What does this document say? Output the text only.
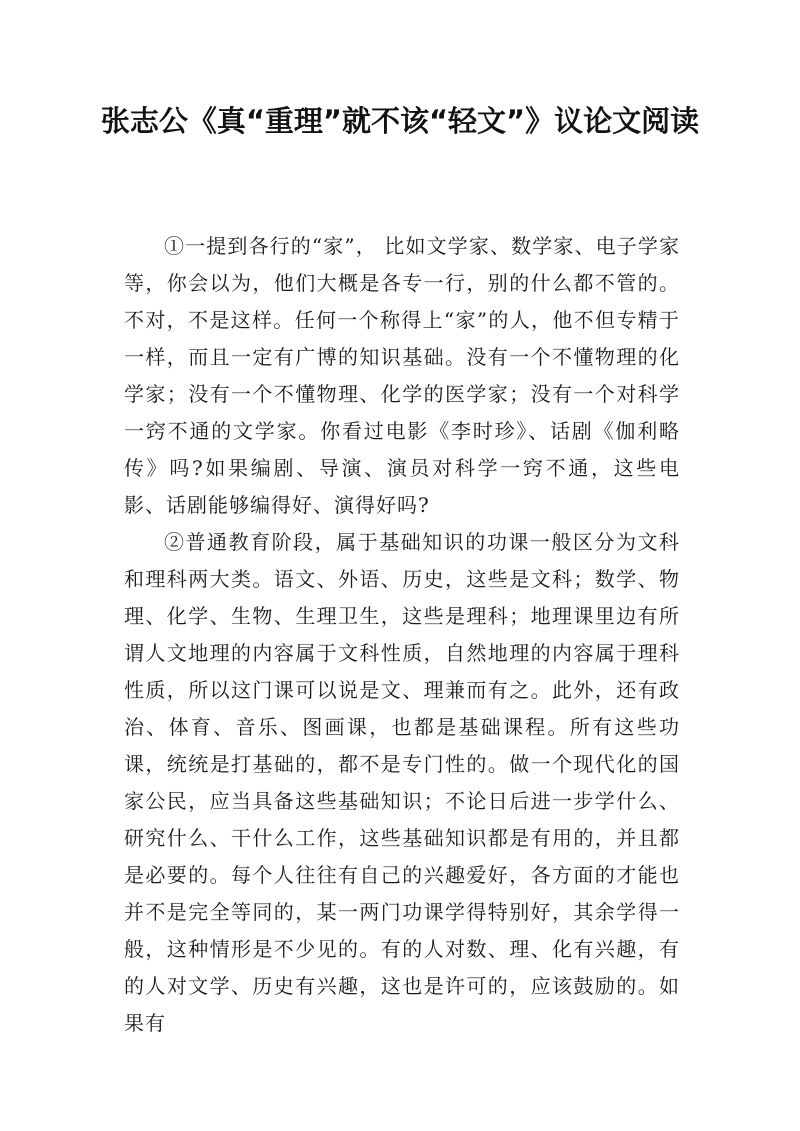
张志公《真“重理”就不该“轻文”》议论文阅读

①一提到各行的“家”， 比如文学家、数学家、电子学家等，你会以为，他们大概是各专一行，别的什么都不管的。不对，不是这样。任何一个称得上“家”的人，他不但专精于一样，而且一定有广博的知识基础。没有一个不懂物理的化学家；没有一个不懂物理、化学的医学家；没有一个对科学一窍不通的文学家。你看过电影《李时珍》、话剧《伽利略传》吗?如果编剧、导演、演员对科学一窍不通，这些电影、话剧能够编得好、演得好吗?

②普通教育阶段，属于基础知识的功课一般区分为文科和理科两大类。语文、外语、历史，这些是文科；数学、物理、化学、生物、生理卫生，这些是理科；地理课里边有所谓人文地理的内容属于文科性质，自然地理的内容属于理科性质，所以这门课可以说是文、理兼而有之。此外，还有政治、体育、音乐、图画课，也都是基础课程。所有这些功课，统统是打基础的，都不是专门性的。做一个现代化的国家公民，应当具备这些基础知识；不论日后进一步学什么、研究什么、干什么工作，这些基础知识都是有用的，并且都是必要的。每个人往往有自己的兴趣爱好，各方面的才能也并不是完全等同的，某一两门功课学得特别好，其余学得一般，这种情形是不少见的。有的人对数、理、化有兴趣，有的人对文学、历史有兴趣，这也是许可的，应该鼓励的。如果有
